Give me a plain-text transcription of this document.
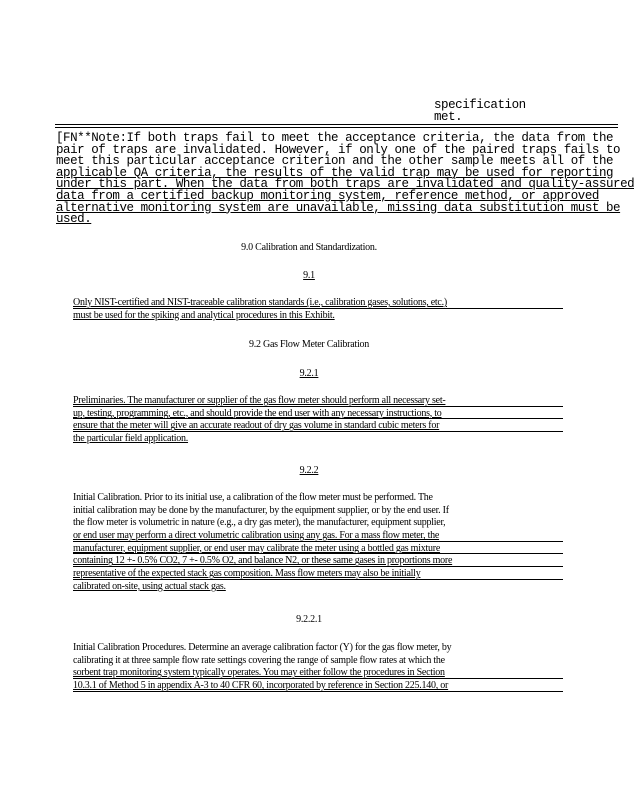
specification
met.
[FN**Note:If both traps fail to meet the acceptance criteria, the data from the
pair of traps are invalidated. However, if only one of the paired traps fails to
meet this particular acceptance criterion and the other sample meets all of the
applicable QA criteria, the results of the valid trap may be used for reporting
under this part. When the data from both traps are invalidated and quality-assured
data from a certified backup monitoring system, reference method, or approved
alternative monitoring system are unavailable, missing data substitution must be
used.
9.0 Calibration and Standardization.
9.1
Only NIST-certified and NIST-traceable calibration standards (i.e., calibration gases, solutions, etc.)
must be used for the spiking and analytical procedures in this Exhibit.
9.2 Gas Flow Meter Calibration
9.2.1
Preliminaries. The manufacturer or supplier of the gas flow meter should perform all necessary set-
up, testing, programming, etc., and should provide the end user with any necessary instructions, to
ensure that the meter will give an accurate readout of dry gas volume in standard cubic meters for
the particular field application.
9.2.2
Initial Calibration. Prior to its initial use, a calibration of the flow meter must be performed. The
initial calibration may be done by the manufacturer, by the equipment supplier, or by the end user. If
the flow meter is volumetric in nature (e.g., a dry gas meter), the manufacturer, equipment supplier,
or end user may perform a direct volumetric calibration using any gas. For a mass flow meter, the
manufacturer, equipment supplier, or end user may calibrate the meter using a bottled gas mixture
containing 12 +- 0.5% CO2, 7 +- 0.5% O2, and balance N2, or these same gases in proportions more
representative of the expected stack gas composition. Mass flow meters may also be initially
calibrated on-site, using actual stack gas.
9.2.2.1
Initial Calibration Procedures. Determine an average calibration factor (Y) for the gas flow meter, by
calibrating it at three sample flow rate settings covering the range of sample flow rates at which the
sorbent trap monitoring system typically operates. You may either follow the procedures in Section
10.3.1 of Method 5 in appendix A-3 to 40 CFR 60, incorporated by reference in Section 225.140, or
